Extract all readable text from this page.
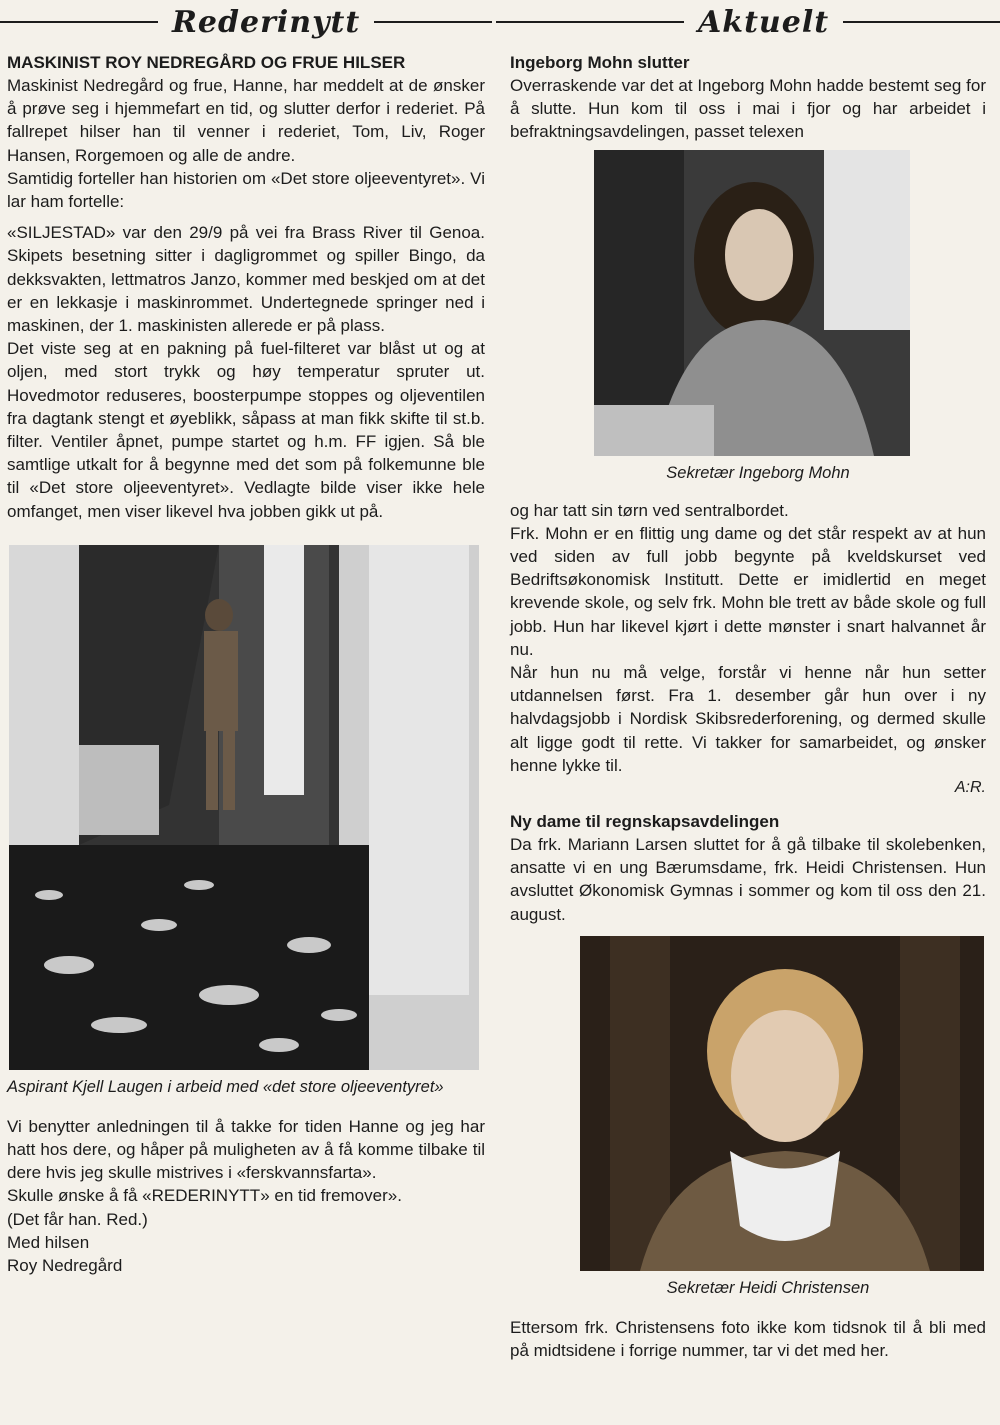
Rederinytt	Aktuelt
MASKINIST ROY NEDREGÅRD OG FRUE HILSER

Maskinist Nedregård og frue, Hanne, har meddelt at de ønsker å prøve seg i hjemmefart en tid, og slutter derfor i rederiet. På fallrepet hilser han til venner i rederiet, Tom, Liv, Roger Hansen, Rorgemoen og alle de andre.

Samtidig forteller han historien om «Det store oljeeventyret». Vi lar ham fortelle:

«SILJESTAD» var den 29/9 på vei fra Brass River til Genoa. Skipets besetning sitter i dagligrommet og spiller Bingo, da dekksvakten, lettmatros Janzo, kommer med beskjed om at det er en lekkasje i maskinrommet. Undertegnede springer ned i maskinen, der 1. maskinisten allerede er på plass.

Det viste seg at en pakning på fuel-filteret var blåst ut og at oljen, med stort trykk og høy temperatur spruter ut. Hovedmotor reduseres, boosterpumpe stoppes og oljeventilen fra dagtank stengt et øyeblikk, såpass at man fikk skifte til st.b. filter. Ventiler åpnet, pumpe startet og h.m. FF igjen. Så ble samtlige utkalt for å begynne med det som på folkemunne ble til «Det store oljeeventyret». Vedlagte bilde viser ikke hele omfanget, men viser likevel hva jobben gikk ut på.

Aspirant Kjell Laugen i arbeid med «det store oljeeventyret»

Vi benytter anledningen til å takke for tiden Hanne og jeg har hatt hos dere, og håper på muligheten av å få komme tilbake til dere hvis jeg skulle mistrives i «ferskvannsfarta».

Skulle ønske å få «REDERINYTT» en tid fremover».

(Det får han. Red.)

Med hilsen

Roy Nedregård

Ingeborg Mohn slutter

Overraskende var det at Ingeborg Mohn hadde bestemt seg for å slutte. Hun kom til oss i mai i fjor og har arbeidet i befraktningsavdelingen, passet telexen

Sekretær Ingeborg Mohn

og har tatt sin tørn ved sentralbordet.

Frk. Mohn er en flittig ung dame og det står respekt av at hun ved siden av full jobb begynte på kveldskurset ved Bedriftsøkonomisk Institutt. Dette er imidlertid en meget krevende skole, og selv frk. Mohn ble trett av både skole og full jobb. Hun har likevel kjørt i dette mønster i snart halvannet år nu.

Når hun nu må velge, forstår vi henne når hun setter utdannelsen først. Fra 1. desember går hun over i ny halvdagsjobb i Nordisk Skibsrederforening, og dermed skulle alt ligge godt til rette. Vi takker for samarbeidet, og ønsker henne lykke til.

A:R.

Ny dame til regnskapsavdelingen

Da frk. Mariann Larsen sluttet for å gå tilbake til skolebenken, ansatte vi en ung Bærumsdame, frk. Heidi Christensen. Hun avsluttet Økonomisk Gymnas i sommer og kom til oss den 21. august.

Sekretær Heidi Christensen

Ettersom frk. Christensens foto ikke kom tidsnok til å bli med på midtsidene i forrige nummer, tar vi det med her.
